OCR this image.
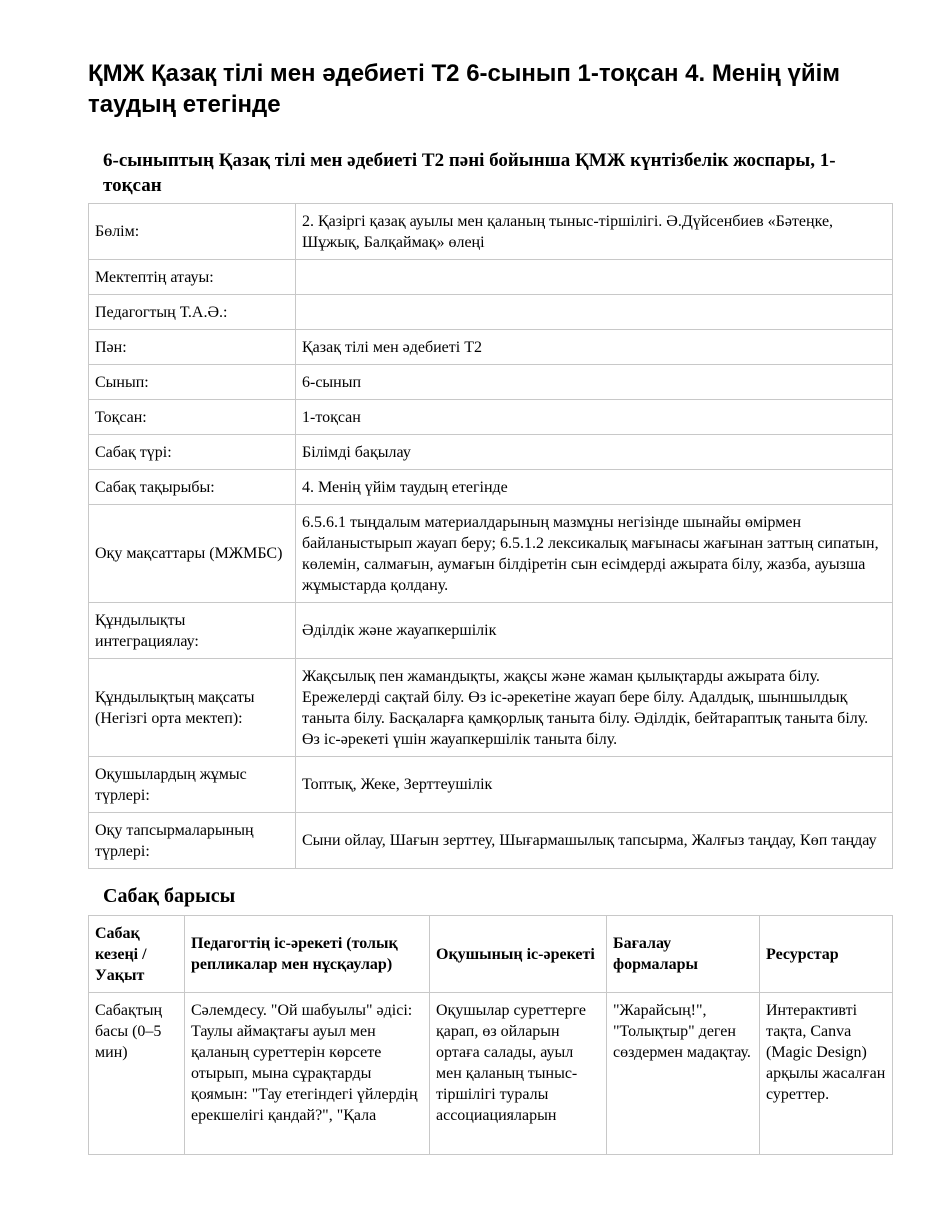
ҚМЖ Қазақ тілі мен әдебиеті Т2 6-сынып 1-тоқсан 4. Менің үйім таудың етегінде
6-сыныптың Қазақ тілі мен әдебиеті Т2 пәні бойынша ҚМЖ күнтізбелік жоспары, 1-тоқсан
Бөлім:	2. Қазіргі қазақ ауылы мен қаланың тыныс-тіршілігі. Ә.Дүйсенбиев «Бәтеңке, Шұжық, Балқаймақ» өлеңі
Мектептің атауы:	
Педагогтың Т.А.Ә.:	
Пән:	Қазақ тілі мен әдебиеті Т2
Сынып:	6-сынып
Тоқсан:	1-тоқсан
Сабақ түрі:	Білімді бақылау
Сабақ тақырыбы:	4. Менің үйім таудың етегінде
Оқу мақсаттары (МЖМБС)	6.5.6.1 тыңдалым материалдарының мазмұны негізінде шынайы өмірмен байланыстырып жауап беру; 6.5.1.2 лексикалық мағынасы жағынан заттың сипатын, көлемін, салмағын, аумағын білдіретін сын есімдерді ажырата білу, жазба, ауызша жұмыстарда қолдану.
Құндылықты интеграциялау:	Әділдік және жауапкершілік
Құндылықтың мақсаты (Негізгі орта мектеп):	Жақсылық пен жамандықты, жақсы және жаман қылықтарды ажырата білу. Ережелерді сақтай білу. Өз іс-әрекетіне жауап бере білу. Адалдық, шыншылдық таныта білу. Басқаларға қамқорлық таныта білу. Әділдік, бейтараптық таныта білу. Өз іс-әрекеті үшін жауапкершілік таныта білу.
Оқушылардың жұмыс түрлері:	Топтық, Жеке, Зерттеушілік
Оқу тапсырмаларының түрлері:	Сыни ойлау, Шағын зерттеу, Шығармашылық тапсырма, Жалғыз таңдау, Көп таңдау
Сабақ барысы
Сабақ кезеңі / Уақыт	Педагогтің іс-әрекеті (толық репликалар мен нұсқаулар)	Оқушының іс-әрекеті	Бағалау формалары	Ресурстар

Сабақтың басы (0–5 мин)	Сәлемдесу. "Ой шабуылы" әдісі: Таулы аймақтағы ауыл мен қаланың суреттерін көрсете отырып, мына сұрақтарды қоямын: "Тау етегіндегі үйлердің ерекшелігі қандай?", "Қала	Оқушылар суреттерге қарап, өз ойларын ортаға салады, ауыл мен қаланың тыныс-тіршілігі туралы ассоциацияларын	"Жарайсың!", "Толықтыр" деген сөздермен мадақтау.	Интерактивті тақта, Canva (Magic Design) арқылы жасалған суреттер.
